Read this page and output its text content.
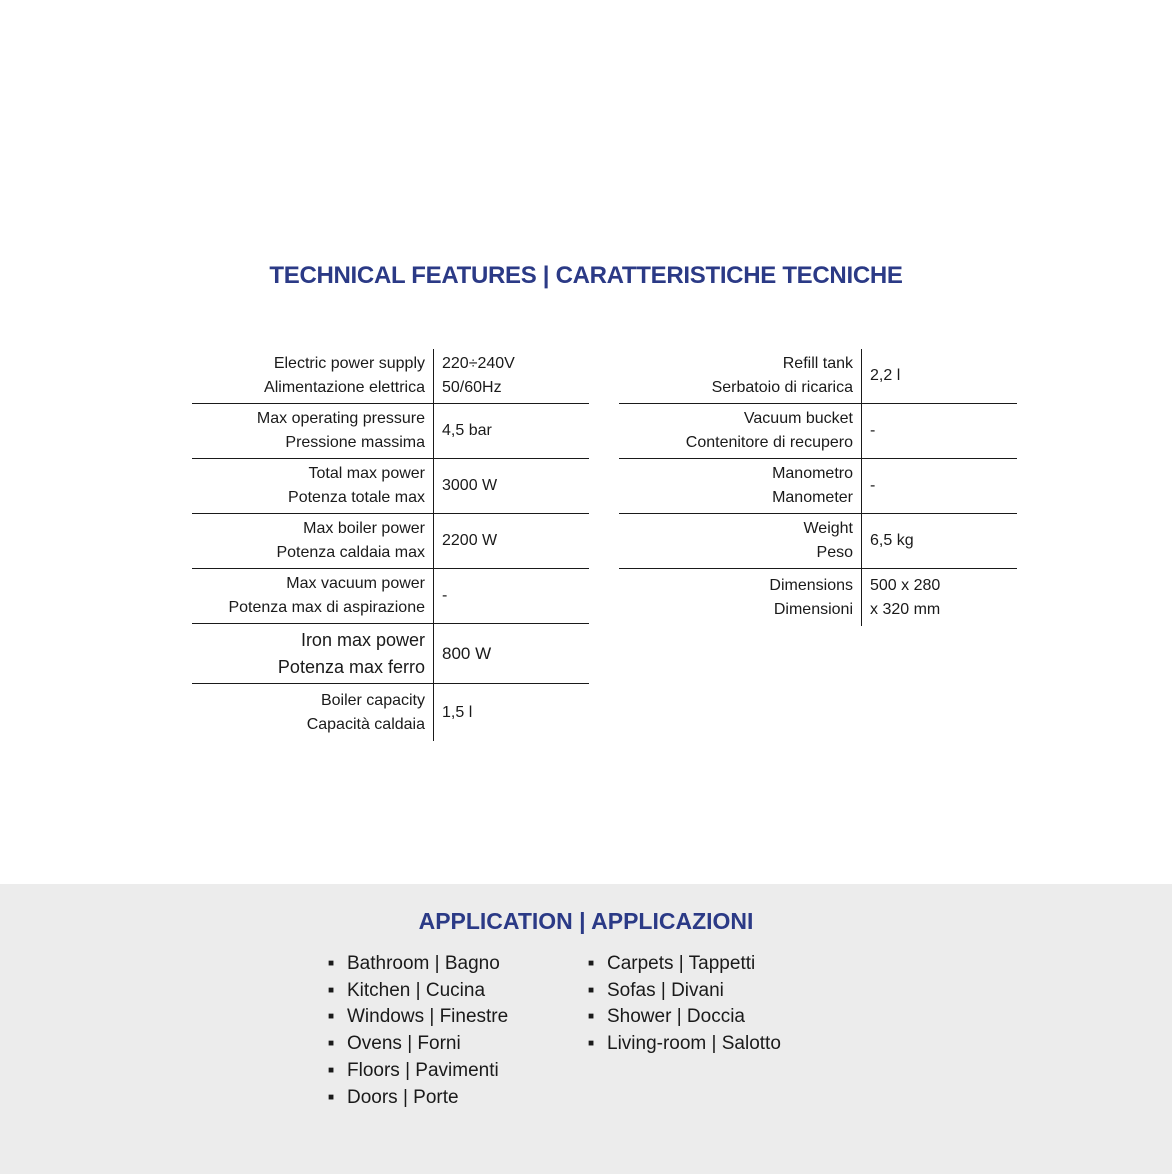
TECHNICAL FEATURES | CARATTERISTICHE TECNICHE
Electric power supply
Alimentazione elettrica
220÷240V
50/60Hz
Max operating pressure
Pressione massima
4,5 bar
Total max power
Potenza totale max
3000 W
Max boiler power
Potenza caldaia max
2200 W
Max vacuum power
Potenza max di aspirazione
-
Iron max power
Potenza max ferro
800 W
Boiler capacity
Capacità caldaia
1,5 l
Refill tank
Serbatoio di ricarica
2,2 l
Vacuum bucket
Contenitore di recupero
-
Manometro
Manometer
-
Weight
Peso
6,5 kg
Dimensions
Dimensioni
500 x 280
x 320 mm
APPLICATION | APPLICAZIONI
■ Bathroom | Bagno
■ Kitchen | Cucina
■ Windows | Finestre
■ Ovens | Forni
■ Floors | Pavimenti
■ Doors | Porte
■ Carpets | Tappetti
■ Sofas | Divani
■ Shower | Doccia
■ Living-room | Salotto
